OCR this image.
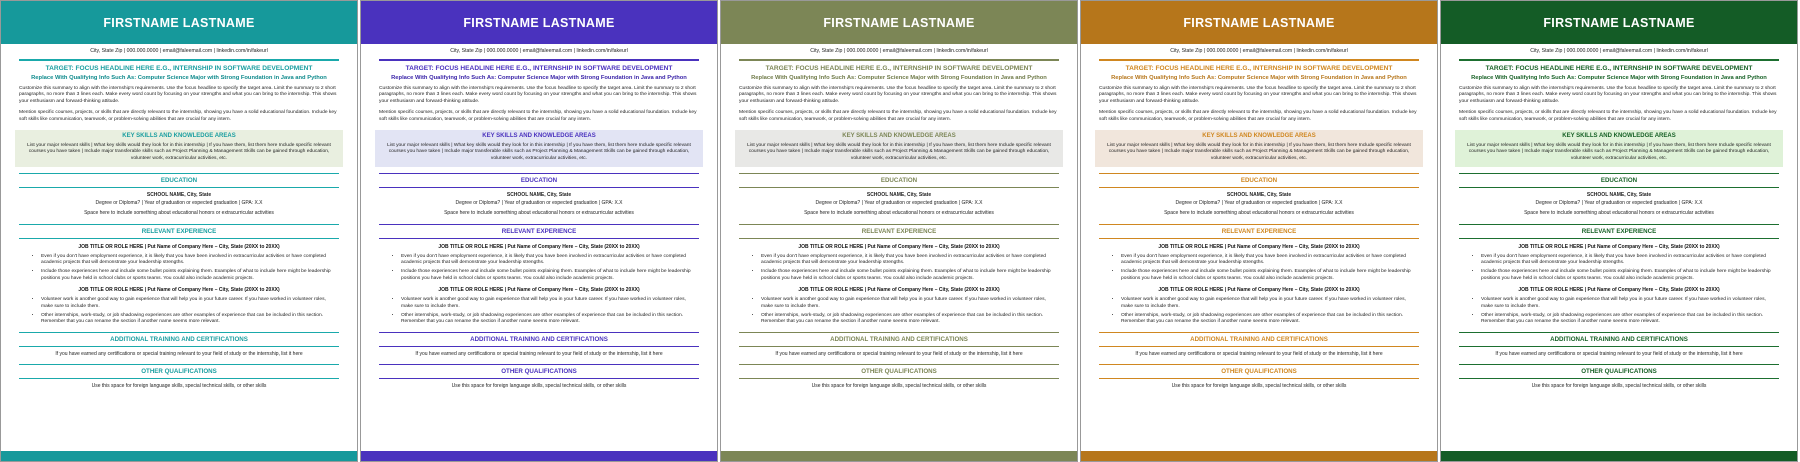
FIRSTNAME LASTNAME
City, State Zip | 000.000.0000 | email@faleemail.com | linkedin.com/in/fakeurl
TARGET: FOCUS HEADLINE HERE E.G., INTERNSHIP IN SOFTWARE DEVELOPMENT
Replace With Qualifying Info Such As: Computer Science Major with Strong Foundation in Java and Python
Customize this summary to align with the internship's requirements. Use the focus headline to specify the target area. Limit the summary to 2 short paragraphs, no more than 3 lines each. Make every word count by focusing on your strengths and what you can bring to the internship. This shows your enthusiasm and forward-thinking attitude.
Mention specific courses, projects, or skills that are directly relevant to the internship, showing you have a solid educational foundation. Include key soft skills like communication, teamwork, or problem-solving abilities that are crucial for any intern.
KEY SKILLS AND KNOWLEDGE AREAS
List your major relevant skills | What key skills would they look for in this internship | If you have them, list them here Include specific relevant courses you have taken | Include major transferable skills such as Project Planning & Management Skills can be gained through education, volunteer work, extracurricular activities, etc.
EDUCATION
SCHOOL NAME, City, State
Degree or Diploma? | Year of graduation or expected graduation | GPA: X.X
Space here to include something about educational honors or extracurricular activities
RELEVANT EXPERIENCE
JOB TITLE OR ROLE HERE | Put Name of Company Here – City, State (20XX to 20XX)
• Even if you don't have employment experience, it is likely that you have been involved in extracurricular activities or have completed academic projects that will demonstrate your leadership strengths.
• Include those experiences here and include some bullet points explaining them. Examples of what to include here might be leadership positions you have held in school clubs or sports teams. You could also include academic projects.
JOB TITLE OR ROLE HERE | Put Name of Company Here – City, State (20XX to 20XX)
• Volunteer work is another good way to gain experience that will help you in your future career. If you have worked in volunteer roles, make sure to include them.
• Other internships, work-study, or job shadowing experiences are other examples of experience that can be included in this section. Remember that you can rename the section if another name seems more relevant.
ADDITIONAL TRAINING AND CERTIFICATIONS
If you have earned any certifications or special training relevant to your field of study or the internship, list it here
OTHER QUALIFICATIONS
Use this space for foreign language skills, special technical skills, or other skills
FIRSTNAME LASTNAME
City, State Zip | 000.000.0000 | email@faleemail.com | linkedin.com/in/fakeurl
TARGET: FOCUS HEADLINE HERE E.G., INTERNSHIP IN SOFTWARE DEVELOPMENT
Replace With Qualifying Info Such As: Computer Science Major with Strong Foundation in Java and Python
Customize this summary to align with the internship's requirements. Use the focus headline to specify the target area. Limit the summary to 2 short paragraphs, no more than 3 lines each. Make every word count by focusing on your strengths and what you can bring to the internship. This shows your enthusiasm and forward-thinking attitude.
Mention specific courses, projects, or skills that are directly relevant to the internship, showing you have a solid educational foundation. Include key soft skills like communication, teamwork, or problem-solving abilities that are crucial for any intern.
KEY SKILLS AND KNOWLEDGE AREAS
List your major relevant skills | What key skills would they look for in this internship | If you have them, list them here Include specific relevant courses you have taken | Include major transferable skills such as Project Planning & Management Skills can be gained through education, volunteer work, extracurricular activities, etc.
EDUCATION
SCHOOL NAME, City, State
Degree or Diploma? | Year of graduation or expected graduation | GPA: X.X
Space here to include something about educational honors or extracurricular activities
RELEVANT EXPERIENCE
JOB TITLE OR ROLE HERE | Put Name of Company Here – City, State (20XX to 20XX)
• Even if you don't have employment experience, it is likely that you have been involved in extracurricular activities or have completed academic projects that will demonstrate your leadership strengths.
• Include those experiences here and include some bullet points explaining them. Examples of what to include here might be leadership positions you have held in school clubs or sports teams. You could also include academic projects.
JOB TITLE OR ROLE HERE | Put Name of Company Here – City, State (20XX to 20XX)
• Volunteer work is another good way to gain experience that will help you in your future career. If you have worked in volunteer roles, make sure to include them.
• Other internships, work-study, or job shadowing experiences are other examples of experience that can be included in this section. Remember that you can rename the section if another name seems more relevant.
ADDITIONAL TRAINING AND CERTIFICATIONS
If you have earned any certifications or special training relevant to your field of study or the internship, list it here
OTHER QUALIFICATIONS
Use this space for foreign language skills, special technical skills, or other skills
FIRSTNAME LASTNAME
City, State Zip | 000.000.0000 | email@faleemail.com | linkedin.com/in/fakeurl
TARGET: FOCUS HEADLINE HERE E.G., INTERNSHIP IN SOFTWARE DEVELOPMENT
Replace With Qualifying Info Such As: Computer Science Major with Strong Foundation in Java and Python
Customize this summary to align with the internship's requirements. Use the focus headline to specify the target area. Limit the summary to 2 short paragraphs, no more than 3 lines each. Make every word count by focusing on your strengths and what you can bring to the internship. This shows your enthusiasm and forward-thinking attitude.
Mention specific courses, projects, or skills that are directly relevant to the internship, showing you have a solid educational foundation. Include key soft skills like communication, teamwork, or problem-solving abilities that are crucial for any intern.
KEY SKILLS AND KNOWLEDGE AREAS
List your major relevant skills | What key skills would they look for in this internship | If you have them, list them here Include specific relevant courses you have taken | Include major transferable skills such as Project Planning & Management Skills can be gained through education, volunteer work, extracurricular activities, etc.
EDUCATION
SCHOOL NAME, City, State
Degree or Diploma? | Year of graduation or expected graduation | GPA: X.X
Space here to include something about educational honors or extracurricular activities
RELEVANT EXPERIENCE
JOB TITLE OR ROLE HERE | Put Name of Company Here – City, State (20XX to 20XX)
• Even if you don't have employment experience, it is likely that you have been involved in extracurricular activities or have completed academic projects that will demonstrate your leadership strengths.
• Include those experiences here and include some bullet points explaining them. Examples of what to include here might be leadership positions you have held in school clubs or sports teams. You could also include academic projects.
JOB TITLE OR ROLE HERE | Put Name of Company Here – City, State (20XX to 20XX)
• Volunteer work is another good way to gain experience that will help you in your future career. If you have worked in volunteer roles, make sure to include them.
• Other internships, work-study, or job shadowing experiences are other examples of experience that can be included in this section. Remember that you can rename the section if another name seems more relevant.
ADDITIONAL TRAINING AND CERTIFICATIONS
If you have earned any certifications or special training relevant to your field of study or the internship, list it here
OTHER QUALIFICATIONS
Use this space for foreign language skills, special technical skills, or other skills
FIRSTNAME LASTNAME
City, State Zip | 000.000.0000 | email@faleemail.com | linkedin.com/in/fakeurl
TARGET: FOCUS HEADLINE HERE E.G., INTERNSHIP IN SOFTWARE DEVELOPMENT
Replace With Qualifying Info Such As: Computer Science Major with Strong Foundation in Java and Python
Customize this summary to align with the internship's requirements. Use the focus headline to specify the target area. Limit the summary to 2 short paragraphs, no more than 3 lines each. Make every word count by focusing on your strengths and what you can bring to the internship. This shows your enthusiasm and forward-thinking attitude.
Mention specific courses, projects, or skills that are directly relevant to the internship, showing you have a solid educational foundation. Include key soft skills like communication, teamwork, or problem-solving abilities that are crucial for any intern.
KEY SKILLS AND KNOWLEDGE AREAS
List your major relevant skills | What key skills would they look for in this internship | If you have them, list them here Include specific relevant courses you have taken | Include major transferable skills such as Project Planning & Management Skills can be gained through education, volunteer work, extracurricular activities, etc.
EDUCATION
SCHOOL NAME, City, State
Degree or Diploma? | Year of graduation or expected graduation | GPA: X.X
Space here to include something about educational honors or extracurricular activities
RELEVANT EXPERIENCE
JOB TITLE OR ROLE HERE | Put Name of Company Here – City, State (20XX to 20XX)
• Even if you don't have employment experience, it is likely that you have been involved in extracurricular activities or have completed academic projects that will demonstrate your leadership strengths.
• Include those experiences here and include some bullet points explaining them. Examples of what to include here might be leadership positions you have held in school clubs or sports teams. You could also include academic projects.
JOB TITLE OR ROLE HERE | Put Name of Company Here – City, State (20XX to 20XX)
• Volunteer work is another good way to gain experience that will help you in your future career. If you have worked in volunteer roles, make sure to include them.
• Other internships, work-study, or job shadowing experiences are other examples of experience that can be included in this section. Remember that you can rename the section if another name seems more relevant.
ADDITIONAL TRAINING AND CERTIFICATIONS
If you have earned any certifications or special training relevant to your field of study or the internship, list it here
OTHER QUALIFICATIONS
Use this space for foreign language skills, special technical skills, or other skills
FIRSTNAME LASTNAME
City, State Zip | 000.000.0000 | email@faleemail.com | linkedin.com/in/fakeurl
TARGET: FOCUS HEADLINE HERE E.G., INTERNSHIP IN SOFTWARE DEVELOPMENT
Replace With Qualifying Info Such As: Computer Science Major with Strong Foundation in Java and Python
Customize this summary to align with the internship's requirements. Use the focus headline to specify the target area. Limit the summary to 2 short paragraphs, no more than 3 lines each. Make every word count by focusing on your strengths and what you can bring to the internship. This shows your enthusiasm and forward-thinking attitude.
Mention specific courses, projects, or skills that are directly relevant to the internship, showing you have a solid educational foundation. Include key soft skills like communication, teamwork, or problem-solving abilities that are crucial for any intern.
KEY SKILLS AND KNOWLEDGE AREAS
List your major relevant skills | What key skills would they look for in this internship | If you have them, list them here Include specific relevant courses you have taken | Include major transferable skills such as Project Planning & Management Skills can be gained through education, volunteer work, extracurricular activities, etc.
EDUCATION
SCHOOL NAME, City, State
Degree or Diploma? | Year of graduation or expected graduation | GPA: X.X
Space here to include something about educational honors or extracurricular activities
RELEVANT EXPERIENCE
JOB TITLE OR ROLE HERE | Put Name of Company Here – City, State (20XX to 20XX)
• Even if you don't have employment experience, it is likely that you have been involved in extracurricular activities or have completed academic projects that will demonstrate your leadership strengths.
• Include those experiences here and include some bullet points explaining them. Examples of what to include here might be leadership positions you have held in school clubs or sports teams. You could also include academic projects.
JOB TITLE OR ROLE HERE | Put Name of Company Here – City, State (20XX to 20XX)
• Volunteer work is another good way to gain experience that will help you in your future career. If you have worked in volunteer roles, make sure to include them.
• Other internships, work-study, or job shadowing experiences are other examples of experience that can be included in this section. Remember that you can rename the section if another name seems more relevant.
ADDITIONAL TRAINING AND CERTIFICATIONS
If you have earned any certifications or special training relevant to your field of study or the internship, list it here
OTHER QUALIFICATIONS
Use this space for foreign language skills, special technical skills, or other skills
